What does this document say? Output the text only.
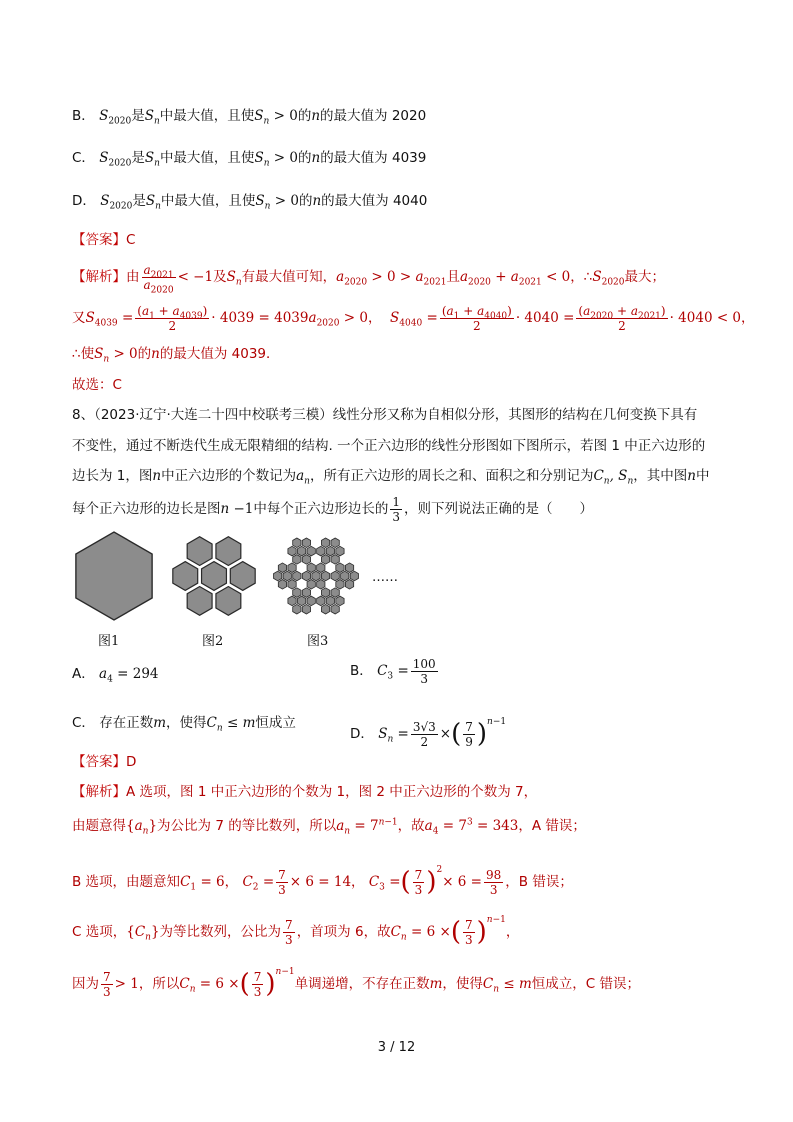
B． $S_{2020}$是$S_n$中最大值，且使$S_n > 0$的n的最大值为 2020
C． $S_{2020}$是$S_n$中最大值，且使$S_n > 0$的n的最大值为 4039
D． $S_{2020}$是$S_n$中最大值，且使$S_n > 0$的n的最大值为 4040
【答案】C
【解析】由 $\frac{a_{2021}}{a_{2020}} < -1$及$S_n$有最大值可知，$a_{2020} > 0 > a_{2021}$且$a_{2020} + a_{2021} < 0$，$\therefore S_{2020}$最大；
又$S_{4039} = \frac{(a_1 + a_{4039})}{2} \cdot 4039 = 4039a_{2020} > 0$，  $S_{4040} = \frac{(a_1 + a_{4040})}{2} \cdot 4040 = \frac{(a_{2020} + a_{2021})}{2} \cdot 4040 < 0$，
∴使$S_n > 0$的n的最大值为 4039．
故选：C
8、（2023·辽宁·大连二十四中校联考三模）线性分形又称为自相似分形，其图形的结构在几何变换下具有
不变性，通过不断迭代生成无限精细的结构. 一个正六边形的线性分形图如下图所示，若图 1 中正六边形的
边长为 1，图n中正六边形的个数记为$a_n$，所有正六边形的周长之和、面积之和分别记为$C_n$, $S_n$，其中图n中
每个正六边形的边长是图n −1中每个正六边形边长的 $\frac{1}{3}$ ，则下列说法正确的是（　　）
图1	图2	图3
……
A． $a_4 = 294$	B． $C_3 = \frac{100}{3}$
C． 存在正数m，使得$C_n \le m$恒成立
D． $S_n = \frac{3√3}{2}$ ×( $\frac{7}{9} )^{n-1}$
【答案】D
【解析】A 选项，图 1 中正六边形的个数为 1，图 2 中正六边形的个数为 7，
由题意得$\{a_n\}$为公比为 7 的等比数列，所以$a_n = 7^{n-1}$，故$a_4 = 7^3 = 343$，A 错误；
B 选项，由题意知$C_1 = 6$， $C_2 = \frac{7}{3} \times 6 = 14$， $C_3$ =( $\frac{7}{3} )^2\times 6 = \frac{98}{3}$ ，B 错误；
C 选项，$\{C_n\}$为等比数列，公比为 $\frac{7}{3}$ ，首项为 6，故$C_n = 6$ ×( $\frac{7}{3} )^{n-1}$，
因为 $\frac{7}{3} > 1$，所以$C_n = 6$ ×( $\frac{7}{3} )^{n-1}$单调递增，不存在正数m，使得$C_n \le m$恒成立，C 错误；
3 / 12
